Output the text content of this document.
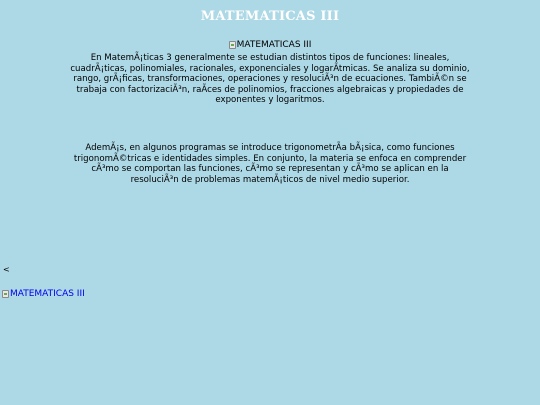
MATEMATICAS III
MATEMATICAS III

En MatemÃ¡ticas 3 generalmente se estudian distintos tipos de funciones: lineales, cuadrÃ¡ticas, polinomiales, racionales, exponenciales y logarÃtmicas. Se analiza su dominio, rango, grÃ¡ficas, transformaciones, operaciones y resoluciÃ³n de ecuaciones. TambiÃ©n se trabaja con factorizaciÃ³n, raÃces de polinomios, fracciones algebraicas y propiedades de exponentes y logaritmos.

AdemÃ¡s, en algunos programas se introduce trigonometrÃa bÃ¡sica, como funciones trigonomÃ©tricas e identidades simples. En conjunto, la materia se enfoca en comprender cÃ³mo se comportan las funciones, cÃ³mo se representan y cÃ³mo se aplican en la resoluciÃ³n de problemas matemÃ¡ticos de nivel medio superior.

<
MATEMATICAS III
